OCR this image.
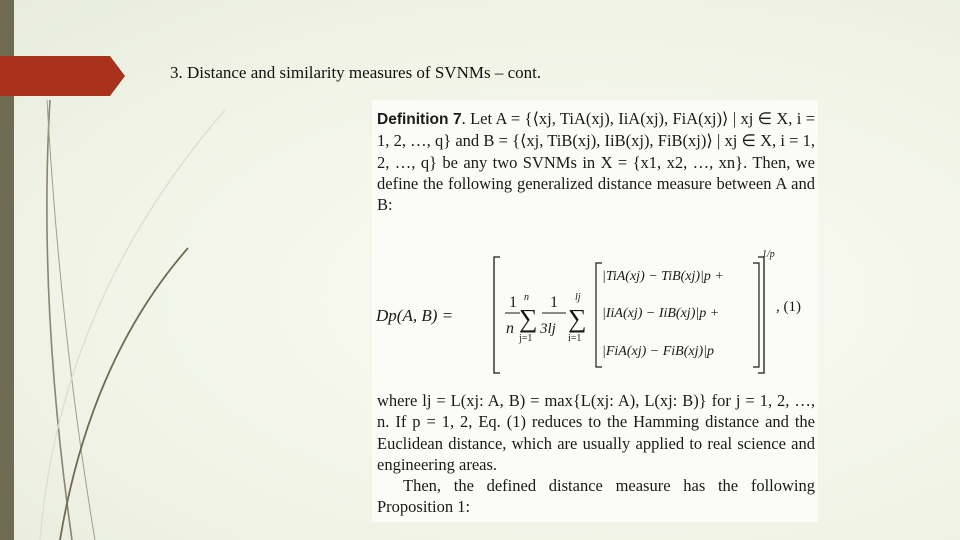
3. Distance and similarity measures of SVNMs – cont.

Definition 7. Let A = {⟨xj, TiA(xj), IiA(xj), FiA(xj)⟩ | xj ∈ X, i = 1, 2, …, q} and B = {⟨xj, TiB(xj), IiB(xj), FiB(xj)⟩ | xj ∈ X, i = 1, 2, …, q} be any two SVNMs in X = {x1, x2, …, xn}. Then, we define the following generalized distance measure between A and B:

Dp(A, B) =
1
n
n
∑
j=1
1
3lj
lj
∑
i=1
|TiA(xj) − TiB(xj)|p +
|IiA(xj) − IiB(xj)|p +
|FiA(xj) − FiB(xj)|p
1/p
, (1)

where lj = L(xj: A, B) = max{L(xj: A), L(xj: B)} for j = 1, 2, …, n. If p = 1, 2, Eq. (1) reduces to the Hamming distance and the Euclidean distance, which are usually applied to real science and engineering areas.
Then, the defined distance measure has the following Proposition 1:
